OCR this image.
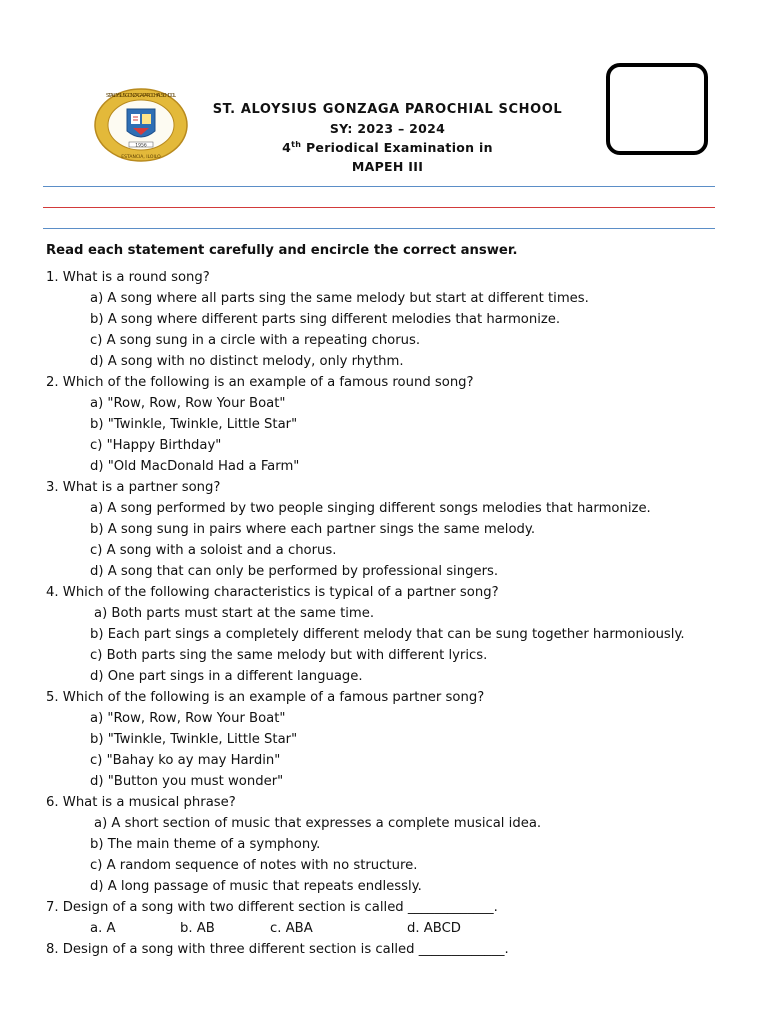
1956
ST. ALOYSIUS GONZAGA PAROCHIAL SCHOOL
ESTANCIA, ILOILO
ST. ALOYSIUS GONZAGA PAROCHIAL SCHOOL
SY: 2023 – 2024
4th Periodical Examination in
MAPEH III
Read each statement carefully and encircle the correct answer.
1. What is a round song?
a) A song where all parts sing the same melody but start at different times.
b) A song where different parts sing different melodies that harmonize.
c) A song sung in a circle with a repeating chorus.
d) A song with no distinct melody, only rhythm.
2. Which of the following is an example of a famous round song?
a) "Row, Row, Row Your Boat"
b) "Twinkle, Twinkle, Little Star"
c) "Happy Birthday"
d) "Old MacDonald Had a Farm"
3. What is a partner song?
a) A song performed by two people singing different songs melodies that harmonize.
b) A song sung in pairs where each partner sings the same melody.
c) A song with a soloist and a chorus.
d) A song that can only be performed by professional singers.
4. Which of the following characteristics is typical of a partner song?
a) Both parts must start at the same time.
b) Each part sings a completely different melody that can be sung together harmoniously.
c) Both parts sing the same melody but with different lyrics.
d) One part sings in a different language.
5. Which of the following is an example of a famous partner song?
a) "Row, Row, Row Your Boat"
b) "Twinkle, Twinkle, Little Star"
c) "Bahay ko ay may Hardin"
d) "Button you must wonder"
6. What is a musical phrase?
a) A short section of music that expresses a complete musical idea.
b) The main theme of a symphony.
c) A random sequence of notes with no structure.
d) A long passage of music that repeats endlessly.
7. Design of a song with two different section is called _____________.
a. A	b. AB	c. ABA	d. ABCD
8. Design of a song with three different section is called _____________.
